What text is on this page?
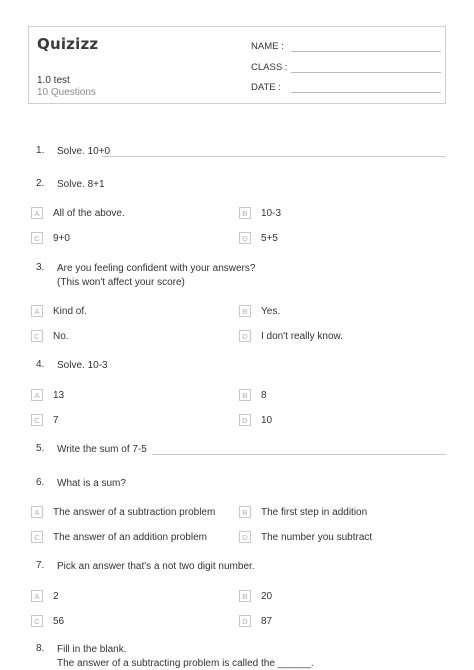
Quizizz
1.0 test
10 Questions
NAME :
CLASS :
DATE :
1.	Solve. 10+0
2.	Solve. 8+1
A	All of the above.	B	10-3
C	9+0	D	5+5
3.	Are you feeling confident with your answers?
(This won't affect your score)
A	Kind of.	B	Yes.
C	No.	D	I don't really know.
4.	Solve. 10-3
A	13	B	8
C	7	D	10
5.	Write the sum of 7-5
6.	What is a sum?
A	The answer of a subtraction problem	B	The first step in addition
C	The answer of an addition problem	D	The number you subtract
7.	Pick an answer that's a not two digit number.
A	2	B	20
C	56	D	87
8.	Fill in the blank.
The answer of a subtracting problem is called the ______.
